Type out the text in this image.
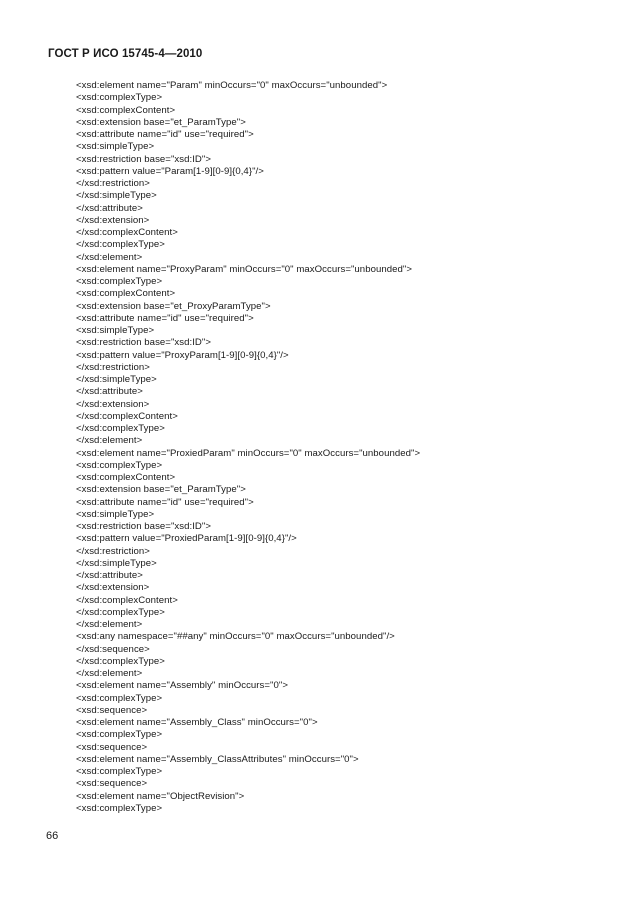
ГОСТ Р ИСО 15745-4—2010
<xsd:element name="Param" minOccurs="0" maxOccurs="unbounded">
<xsd:complexType>
<xsd:complexContent>
<xsd:extension base="et_ParamType">
<xsd:attribute name="id" use="required">
<xsd:simpleType>
<xsd:restriction base="xsd:ID">
<xsd:pattern value="Param[1-9][0-9]{0,4}"/>
</xsd:restriction>
</xsd:simpleType>
</xsd:attribute>
</xsd:extension>
</xsd:complexContent>
</xsd:complexType>
</xsd:element>
<xsd:element name="ProxyParam" minOccurs="0" maxOccurs="unbounded">
<xsd:complexType>
<xsd:complexContent>
<xsd:extension base="et_ProxyParamType">
<xsd:attribute name="id" use="required">
<xsd:simpleType>
<xsd:restriction base="xsd:ID">
<xsd:pattern value="ProxyParam[1-9][0-9]{0,4}"/>
</xsd:restriction>
</xsd:simpleType>
</xsd:attribute>
</xsd:extension>
</xsd:complexContent>
</xsd:complexType>
</xsd:element>
<xsd:element name="ProxiedParam" minOccurs="0" maxOccurs="unbounded">
<xsd:complexType>
<xsd:complexContent>
<xsd:extension base="et_ParamType">
<xsd:attribute name="id" use="required">
<xsd:simpleType>
<xsd:restriction base="xsd:ID">
<xsd:pattern value="ProxiedParam[1-9][0-9]{0,4}"/>
</xsd:restriction>
</xsd:simpleType>
</xsd:attribute>
</xsd:extension>
</xsd:complexContent>
</xsd:complexType>
</xsd:element>
<xsd:any namespace="##any" minOccurs="0" maxOccurs="unbounded"/>
</xsd:sequence>
</xsd:complexType>
</xsd:element>
<xsd:element name="Assembly" minOccurs="0">
<xsd:complexType>
<xsd:sequence>
<xsd:element name="Assembly_Class" minOccurs="0">
<xsd:complexType>
<xsd:sequence>
<xsd:element name="Assembly_ClassAttributes" minOccurs="0">
<xsd:complexType>
<xsd:sequence>
<xsd:element name="ObjectRevision">
<xsd:complexType>
66
